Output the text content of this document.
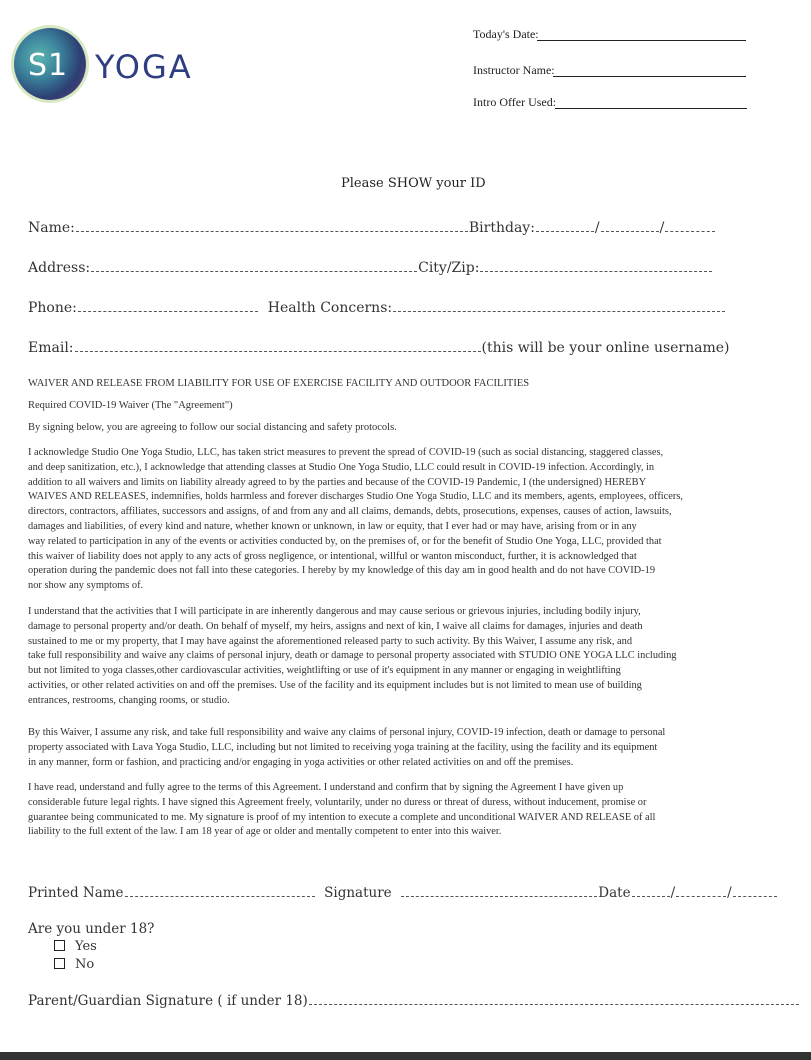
S1 YOGA
Today's Date:
Instructor Name:
Intro Offer Used:
Please SHOW your ID
Name:	Birthday:	/	/
Address:	City/Zip:
Phone:	Health Concerns:
Email:	(this will be your online username)
WAIVER AND RELEASE FROM LIABILITY FOR USE OF EXERCISE FACILITY AND OUTDOOR FACILITIES
Required COVID-19 Waiver (The "Agreement")
By signing below, you are agreeing to follow our social distancing and safety protocols.
I acknowledge Studio One Yoga Studio, LLC, has taken strict measures to prevent the spread of COVID-19 (such as social distancing, staggered classes,
and deep sanitization, etc.), I acknowledge that attending classes at Studio One Yoga Studio, LLC could result in COVID-19 infection. Accordingly, in
addition to all waivers and limits on liability already agreed to by the parties and because of the COVID-19 Pandemic, I (the undersigned) HEREBY
WAIVES AND RELEASES, indemnifies, holds harmless and forever discharges Studio One Yoga Studio, LLC and its members, agents, employees, officers,
directors, contractors, affiliates, successors and assigns, of and from any and all claims, demands, debts, prosecutions, expenses, causes of action, lawsuits,
damages and liabilities, of every kind and nature, whether known or unknown, in law or equity, that I ever had or may have, arising from or in any
way related to participation in any of the events or activities conducted by, on the premises of, or for the benefit of Studio One Yoga, LLC, provided that
this waiver of liability does not apply to any acts of gross negligence, or intentional, willful or wanton misconduct, further, it is acknowledged that
operation during the pandemic does not fall into these categories. I hereby by my knowledge of this day am in good health and do not have COVID-19
nor show any symptoms of.
I understand that the activities that I will participate in are inherently dangerous and may cause serious or grievous injuries, including bodily injury,
damage to personal property and/or death. On behalf of myself, my heirs, assigns and next of kin, I waive all claims for damages, injuries and death
sustained to me or my property, that I may have against the aforementioned released party to such activity. By this Waiver, I assume any risk, and
take full responsibility and waive any claims of personal injury, death or damage to personal property associated with STUDIO ONE YOGA LLC including
but not limited to yoga classes,other cardiovascular activities, weightlifting or use of it's equipment in any manner or engaging in weightlifting
activities, or other related activities on and off the premises. Use of the facility and its equipment includes but is not limited to mean use of building
entrances, restrooms, changing rooms, or studio.
By this Waiver, I assume any risk, and take full responsibility and waive any claims of personal injury, COVID-19 infection, death or damage to personal
property associated with Lava Yoga Studio, LLC, including but not limited to receiving yoga training at the facility, using the facility and its equipment
in any manner, form or fashion, and practicing and/or engaging in yoga activities or other related activities on and off the premises.
I have read, understand and fully agree to the terms of this Agreement. I understand and confirm that by signing the Agreement I have given up
considerable future legal rights. I have signed this Agreement freely, voluntarily, under no duress or threat of duress, without inducement, promise or
guarantee being communicated to me. My signature is proof of my intention to execute a complete and unconditional WAIVER AND RELEASE of all
liability to the full extent of the law. I am 18 year of age or older and mentally competent to enter into this waiver.
Printed Name	Signature	Date	/	/
Are you under 18?
Yes
No
Parent/Guardian Signature ( if under 18)
